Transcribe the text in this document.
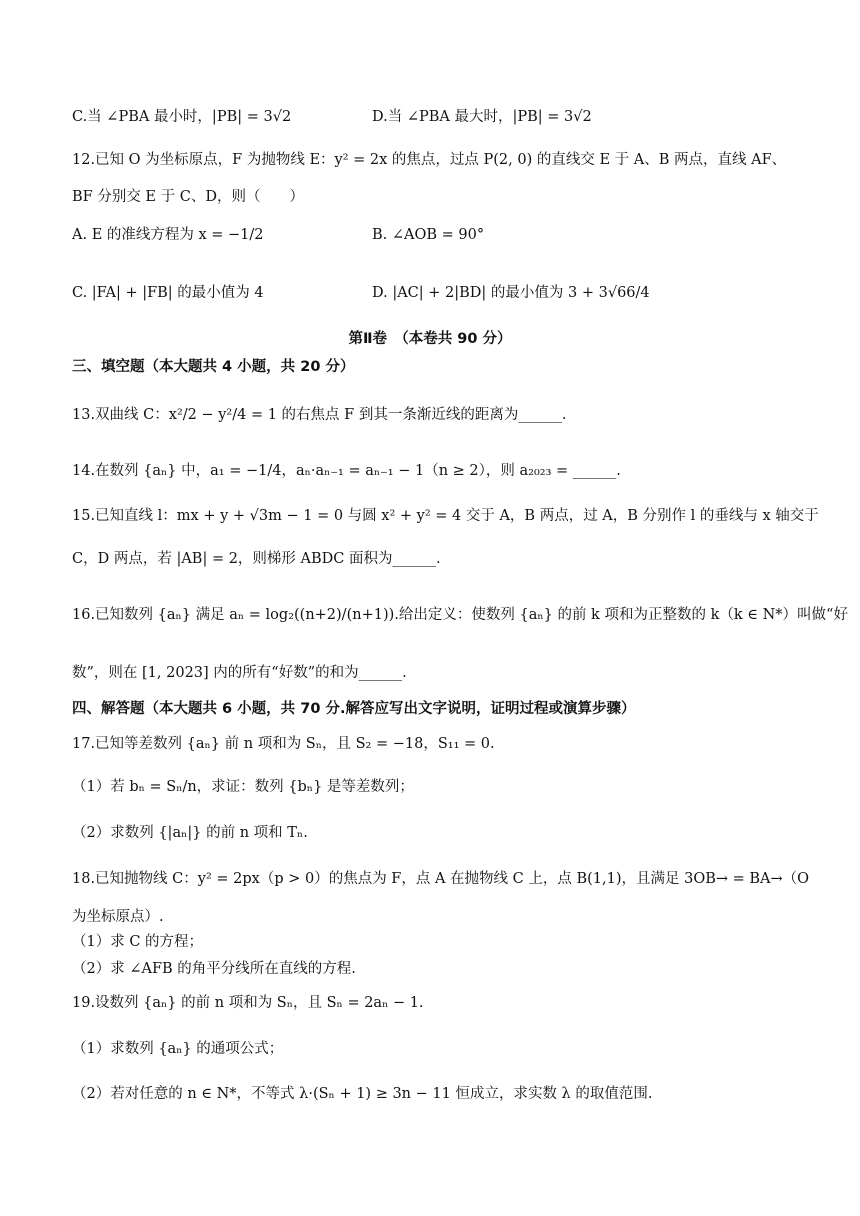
C.当 ∠PBA 最小时，|PB| = 3√2	D.当 ∠PBA 最大时，|PB| = 3√2
12.已知 O 为坐标原点，F 为抛物线 E：y² = 2x 的焦点，过点 P(2, 0) 的直线交 E 于 A、B 两点，直线 AF、
BF 分别交 E 于 C、D，则（　　）
A. E 的准线方程为 x = −1/2	B. ∠AOB = 90°
C. |FA| + |FB| 的最小值为 4	D. |AC| + 2|BD| 的最小值为 3 + 3√66/4
第Ⅱ卷　（本卷共 90 分）
三、填空题（本大题共 4 小题，共 20 分）
13.双曲线 C：x²/2 − y²/4 = 1 的右焦点 F 到其一条渐近线的距离为______.
14.在数列 {aₙ} 中，a₁ = −1/4，aₙ·aₙ₋₁ = aₙ₋₁ − 1（n ≥ 2），则 a₂₀₂₃ = ______.
15.已知直线 l：mx + y + √3m − 1 = 0 与圆 x² + y² = 4 交于 A，B 两点，过 A，B 分别作 l 的垂线与 x 轴交于
C，D 两点，若 |AB| = 2，则梯形 ABDC 面积为______.
16.已知数列 {aₙ} 满足 aₙ = log₂((n+2)/(n+1)).给出定义：使数列 {aₙ} 的前 k 项和为正整数的 k（k ∈ N*）叫做“好
数”，则在 [1, 2023] 内的所有“好数”的和为______.
四、解答题（本大题共 6 小题，共 70 分.解答应写出文字说明，证明过程或演算步骤）
17.已知等差数列 {aₙ} 前 n 项和为 Sₙ，且 S₂ = −18，S₁₁ = 0.
（1）若 bₙ = Sₙ/n，求证：数列 {bₙ} 是等差数列；
（2）求数列 {|aₙ|} 的前 n 项和 Tₙ.
18.已知抛物线 C：y² = 2px（p > 0）的焦点为 F，点 A 在抛物线 C 上，点 B(1,1)，且满足 3OB→ = BA→（O
为坐标原点）.
（1）求 C 的方程；
（2）求 ∠AFB 的角平分线所在直线的方程.
19.设数列 {aₙ} 的前 n 项和为 Sₙ，且 Sₙ = 2aₙ − 1.
（1）求数列 {aₙ} 的通项公式；
（2）若对任意的 n ∈ N*，不等式 λ·(Sₙ + 1) ≥ 3n − 11 恒成立，求实数 λ 的取值范围.
